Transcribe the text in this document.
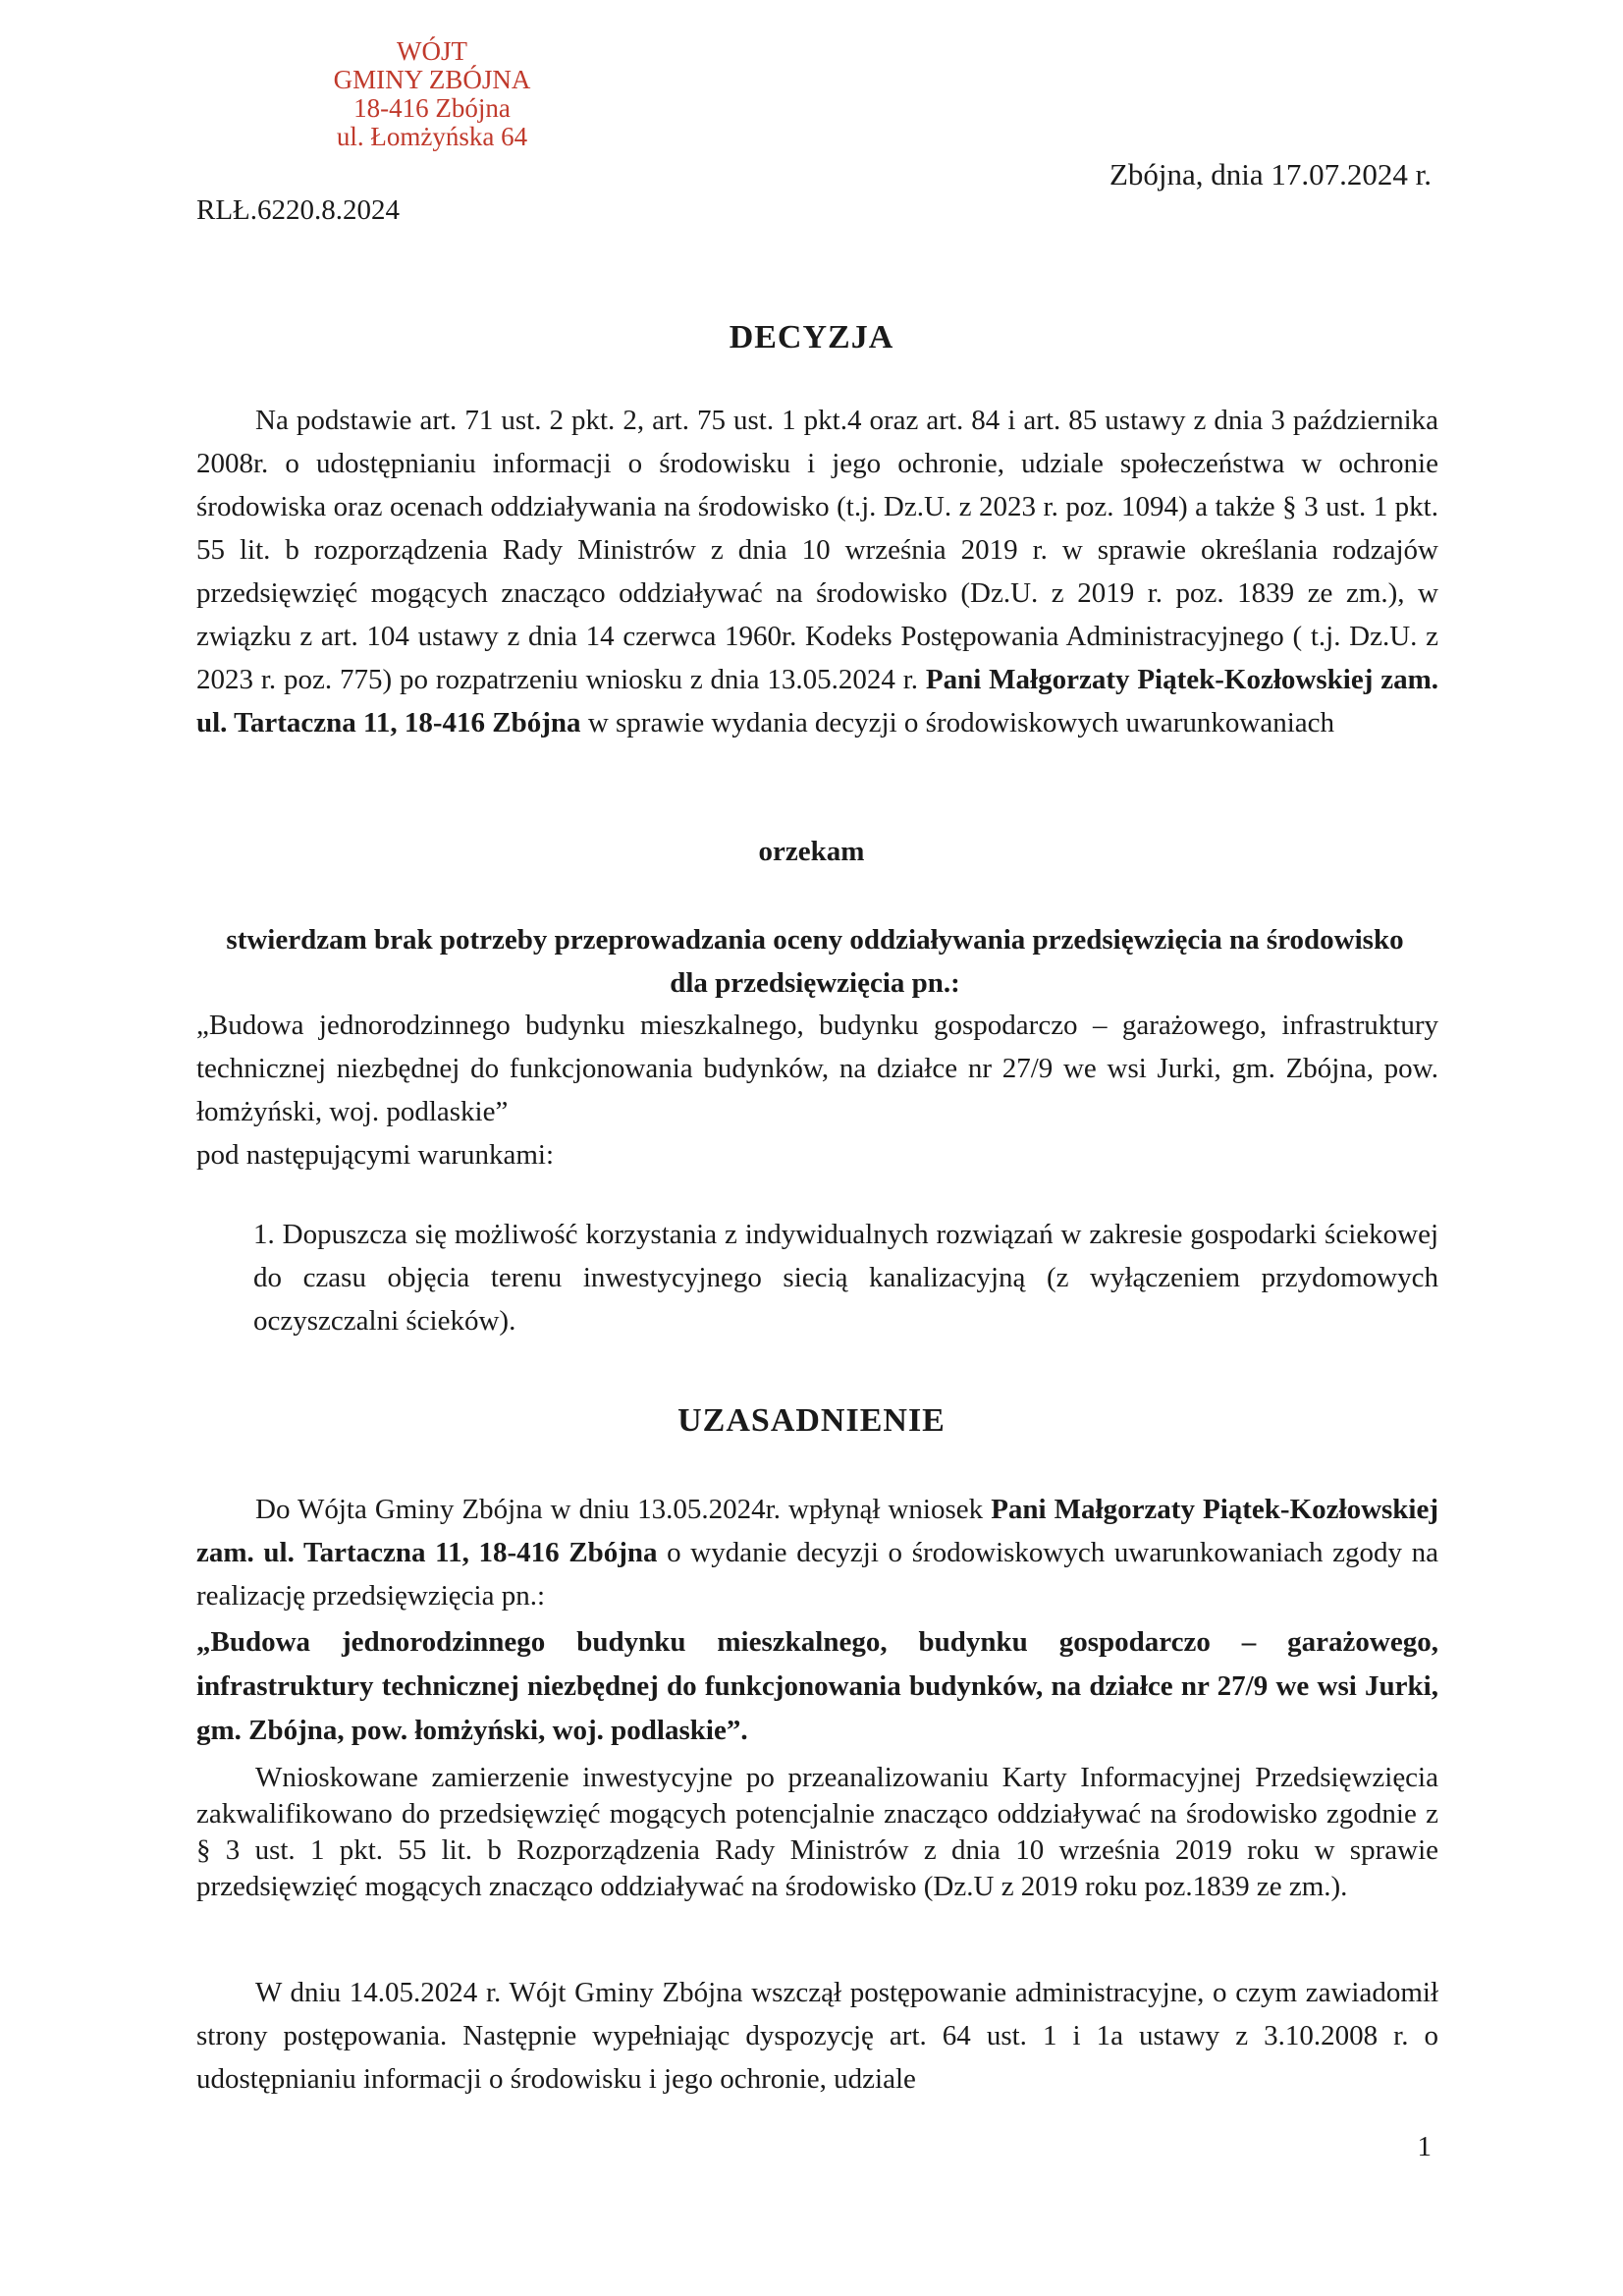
WÓJT
GMINY ZBÓJNA
18-416 Zbójna
ul. Łomżyńska 64
RLŁ.6220.8.2024
Zbójna, dnia 17.07.2024 r.
DECYZJA
Na podstawie art. 71 ust. 2 pkt. 2, art. 75 ust. 1 pkt.4 oraz art. 84 i art. 85 ustawy z dnia 3 października 2008r. o udostępnianiu informacji o środowisku i jego ochronie, udziale społeczeństwa w ochronie środowiska oraz ocenach oddziaływania na środowisko (t.j. Dz.U. z 2023 r. poz. 1094) a także § 3 ust. 1 pkt. 55 lit. b rozporządzenia Rady Ministrów z dnia 10 września 2019 r. w sprawie określania rodzajów przedsięwzięć mogących znacząco oddziaływać na środowisko (Dz.U. z 2019 r. poz. 1839 ze zm.), w związku z art. 104 ustawy z dnia 14 czerwca 1960r. Kodeks Postępowania Administracyjnego ( t.j. Dz.U. z 2023 r. poz. 775) po rozpatrzeniu wniosku z dnia 13.05.2024 r. Pani Małgorzaty Piątek-Kozłowskiej zam. ul. Tartaczna 11, 18-416 Zbójna w sprawie wydania decyzji o środowiskowych uwarunkowaniach
orzekam
stwierdzam brak potrzeby przeprowadzania oceny oddziaływania przedsięwzięcia na środowisko dla przedsięwzięcia pn.:
„Budowa jednorodzinnego budynku mieszkalnego, budynku gospodarczo – garażowego, infrastruktury technicznej niezbędnej do funkcjonowania budynków, na działce nr 27/9 we wsi Jurki, gm. Zbójna, pow. łomżyński, woj. podlaskie”
pod następującymi warunkami:
1. Dopuszcza się możliwość korzystania z indywidualnych rozwiązań w zakresie gospodarki ściekowej do czasu objęcia terenu inwestycyjnego siecią kanalizacyjną (z wyłączeniem przydomowych oczyszczalni ścieków).
UZASADNIENIE
Do Wójta Gminy Zbójna w dniu 13.05.2024r. wpłynął wniosek Pani Małgorzaty Piątek-Kozłowskiej zam. ul. Tartaczna 11, 18-416 Zbójna o wydanie decyzji o środowiskowych uwarunkowaniach zgody na realizację przedsięwzięcia pn.:
„Budowa jednorodzinnego budynku mieszkalnego, budynku gospodarczo – garażowego, infrastruktury technicznej niezbędnej do funkcjonowania budynków, na działce nr 27/9 we wsi Jurki, gm. Zbójna, pow. łomżyński, woj. podlaskie”.
Wnioskowane zamierzenie inwestycyjne po przeanalizowaniu Karty Informacyjnej Przedsięwzięcia zakwalifikowano do przedsięwzięć mogących potencjalnie znacząco oddziaływać na środowisko zgodnie z § 3 ust. 1 pkt. 55 lit. b Rozporządzenia Rady Ministrów z dnia 10 września 2019 roku w sprawie przedsięwzięć mogących znacząco oddziaływać na środowisko (Dz.U z 2019 roku poz.1839 ze zm.).
W dniu 14.05.2024 r. Wójt Gminy Zbójna wszczął postępowanie administracyjne, o czym zawiadomił strony postępowania. Następnie wypełniając dyspozycję art. 64 ust. 1 i 1a ustawy z 3.10.2008 r. o udostępnianiu informacji o środowisku i jego ochronie, udziale
1
